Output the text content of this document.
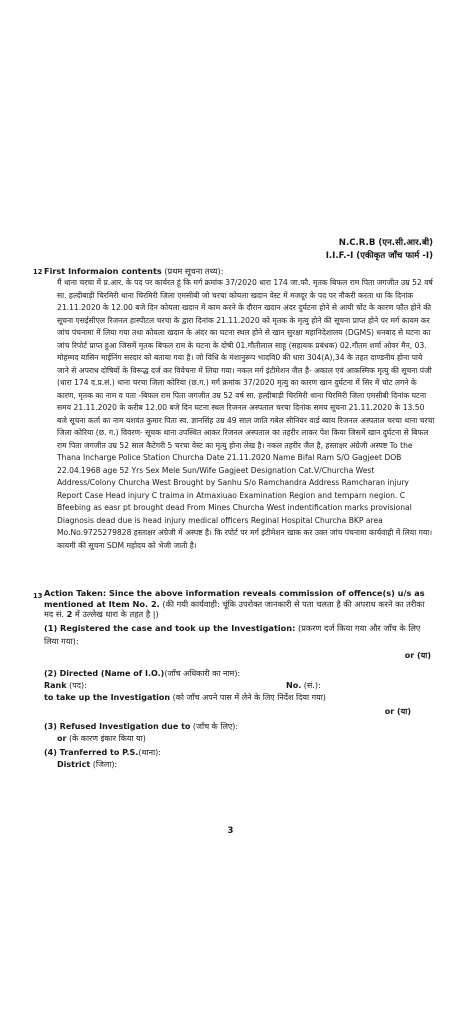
N.C.R.B (एन.सी.आर.बी)
I.I.F.-I (एकीकृत जाँच फार्म -I)
12 First Informaion contents (प्रथम सूचना तथ्य):
मैं थाना चरचा में प्र.आर. के पद पर कार्यरत हूं कि मर्ग क्रमांक 37/2020 धारा 174 जा.फौ. मृतक बिफल राम पिता जगजीत उम्र 52 वर्ष सा. हल्दीबाड़ी चिरमिरी थाना चिरमिरी जिला एमसीबी जो चरचा कोयला खदान वेस्ट में मजदूर के पद पर नौकरी करता था कि दिनांक 21.11.2020 के 12.00 बजे दिन कोयला खदान में काम करने के दौरान खदान अंदर दुर्घटना होने से आयी चोंट के कारण फौत होने की सूचना एसईसीएल रिजनल हास्पीटल चरचा के द्वारा दिनांक 21.11.2020 को मृतक के मृत्यु होने की सूचना प्राप्त होने पर मर्ग कायम कर जांच पंचनामा में लिया गया तथा कोयला खदान के अंदर का घटना स्थल होने से खान सुरक्षा महानिदेशालय (DGMS) धनबाद से घटना का जांच रिपोर्ट प्राप्त हुआ जिसमें मृतक बिफल राम के घटना के दोषी 01.गौतीलाल साहू (सहायक प्रबंधक) 02.गौतम शर्मा ओवर मैन, 03. मोहम्मद यासिन माईनिंग सरदार को बताया गया है। जो विधि के मंशानुरूप भादवि0 की धारा 304(A),34 के तहत दाण्डनीय होना पाये जाने से अपराध दोषियों के विरूद्ध दर्ज कर विवेचना में लिया गया। नकल मर्ग इंटीमेशन जैल है- अकाल एवं आकस्मिक मृत्यु की सूचना पंजी (धारा 174 द.प्र.सं.) थाना चरचा जिला कोरिया (छ.ग.) मर्ग क्रमांक 37/2020 मृत्यु का कारण खान दुर्घटना में सिर में चोट लगने के कारण, मृतक का नाम व पता -बिफल राम पिता जगजीत उम्र 52 वर्ष सा. हल्दीबाड़ी चिरमिरी थाना चिरमिरी जिला एमसीबी दिनांक घटना समय 21.11.2020 के करीब 12.00 बजे दिन घटना स्थल रिजनल अस्पताल चरचा दिनांक समय सूचना 21.11.2020 के 13.50 बजे सूचना कर्ता का नाम यशवंत कुमार पिता स्व. ज्ञानसिंह उम्र 49 साल जाति गबेल सीनियर वार्ड ब्वाय रिजनल अस्पताल चरचा थाना चरचा जिला कोरिया (छ. ग.) विवरण- सूचक थाना उपस्थित आकर रिजनल अस्पताल का तहरीर लाकर पेश किया जिसमें खान दुर्घटना से बिफल राम पिता जगजीत उम्र 52 साल कैटेगरी 5 चरचा वेस्ट का मृत्यु होना लेख है। नकल तहरीर जैल है, हस्ताक्षर अंग्रेजी अस्पष्ट To the Thana Incharge Police Station Churcha Date 21.11.2020 Name Bifal Ram S/O Gagjeet DOB 22.04.1968 age 52 Yrs Sex Mele Sun/Wife Gagjeet Designation Cat.V/Churcha West Address/Colony Churcha West Brought by Sanhu S/o Ramchandra Address Ramcharan injury Report Case Head injury C traima in Atmaxiuao Examination Region and temparn negion. C Bfeebing as easr pt brought dead From Mines Churcha West indentification marks provisional Diagnosis dead due is head injury medical officers Reginal Hospital Churcha BKP area Mo.No.9725279828 हस्ताक्षर अंग्रेजी में अस्पष्ट है। कि रपोर्ट पर मर्ग इंटीमेशन खाक कर उक्त जांच पंचनामा कार्यवाही में लिया गया। कायमी की सूचना SDM महोदय को भेजी जाती है।
13 Action Taken: Since the above information reveals commission of offence(s) u/s as mentioned at Item No. 2. (की गयी कार्यवाही: चूंकि उपरोक्त जानकारी से पता चलता है की अपराध करने का तरीका मद सं. 2 में उल्लेख धारा के तहत है |)
(1) Registered the case and took up the Investigation: (प्रकरण दर्ज किया गया और जाँच के लिए लिया गया):
or (या)
(2) Directed (Name of I.O.)(जाँच अधिकारी का नाम):
Rank (पद):	No. (सं.):
to take up the Investigation (को जाँच अपने पास में लेने के लिए निर्देश दिया गया)
or (या)
(3) Refused Investigation due to (जाँच के लिए):
or (के कारण इंकार किया या)
(4) Tranferred to P.S.(थाना):
District (जिला):
3
